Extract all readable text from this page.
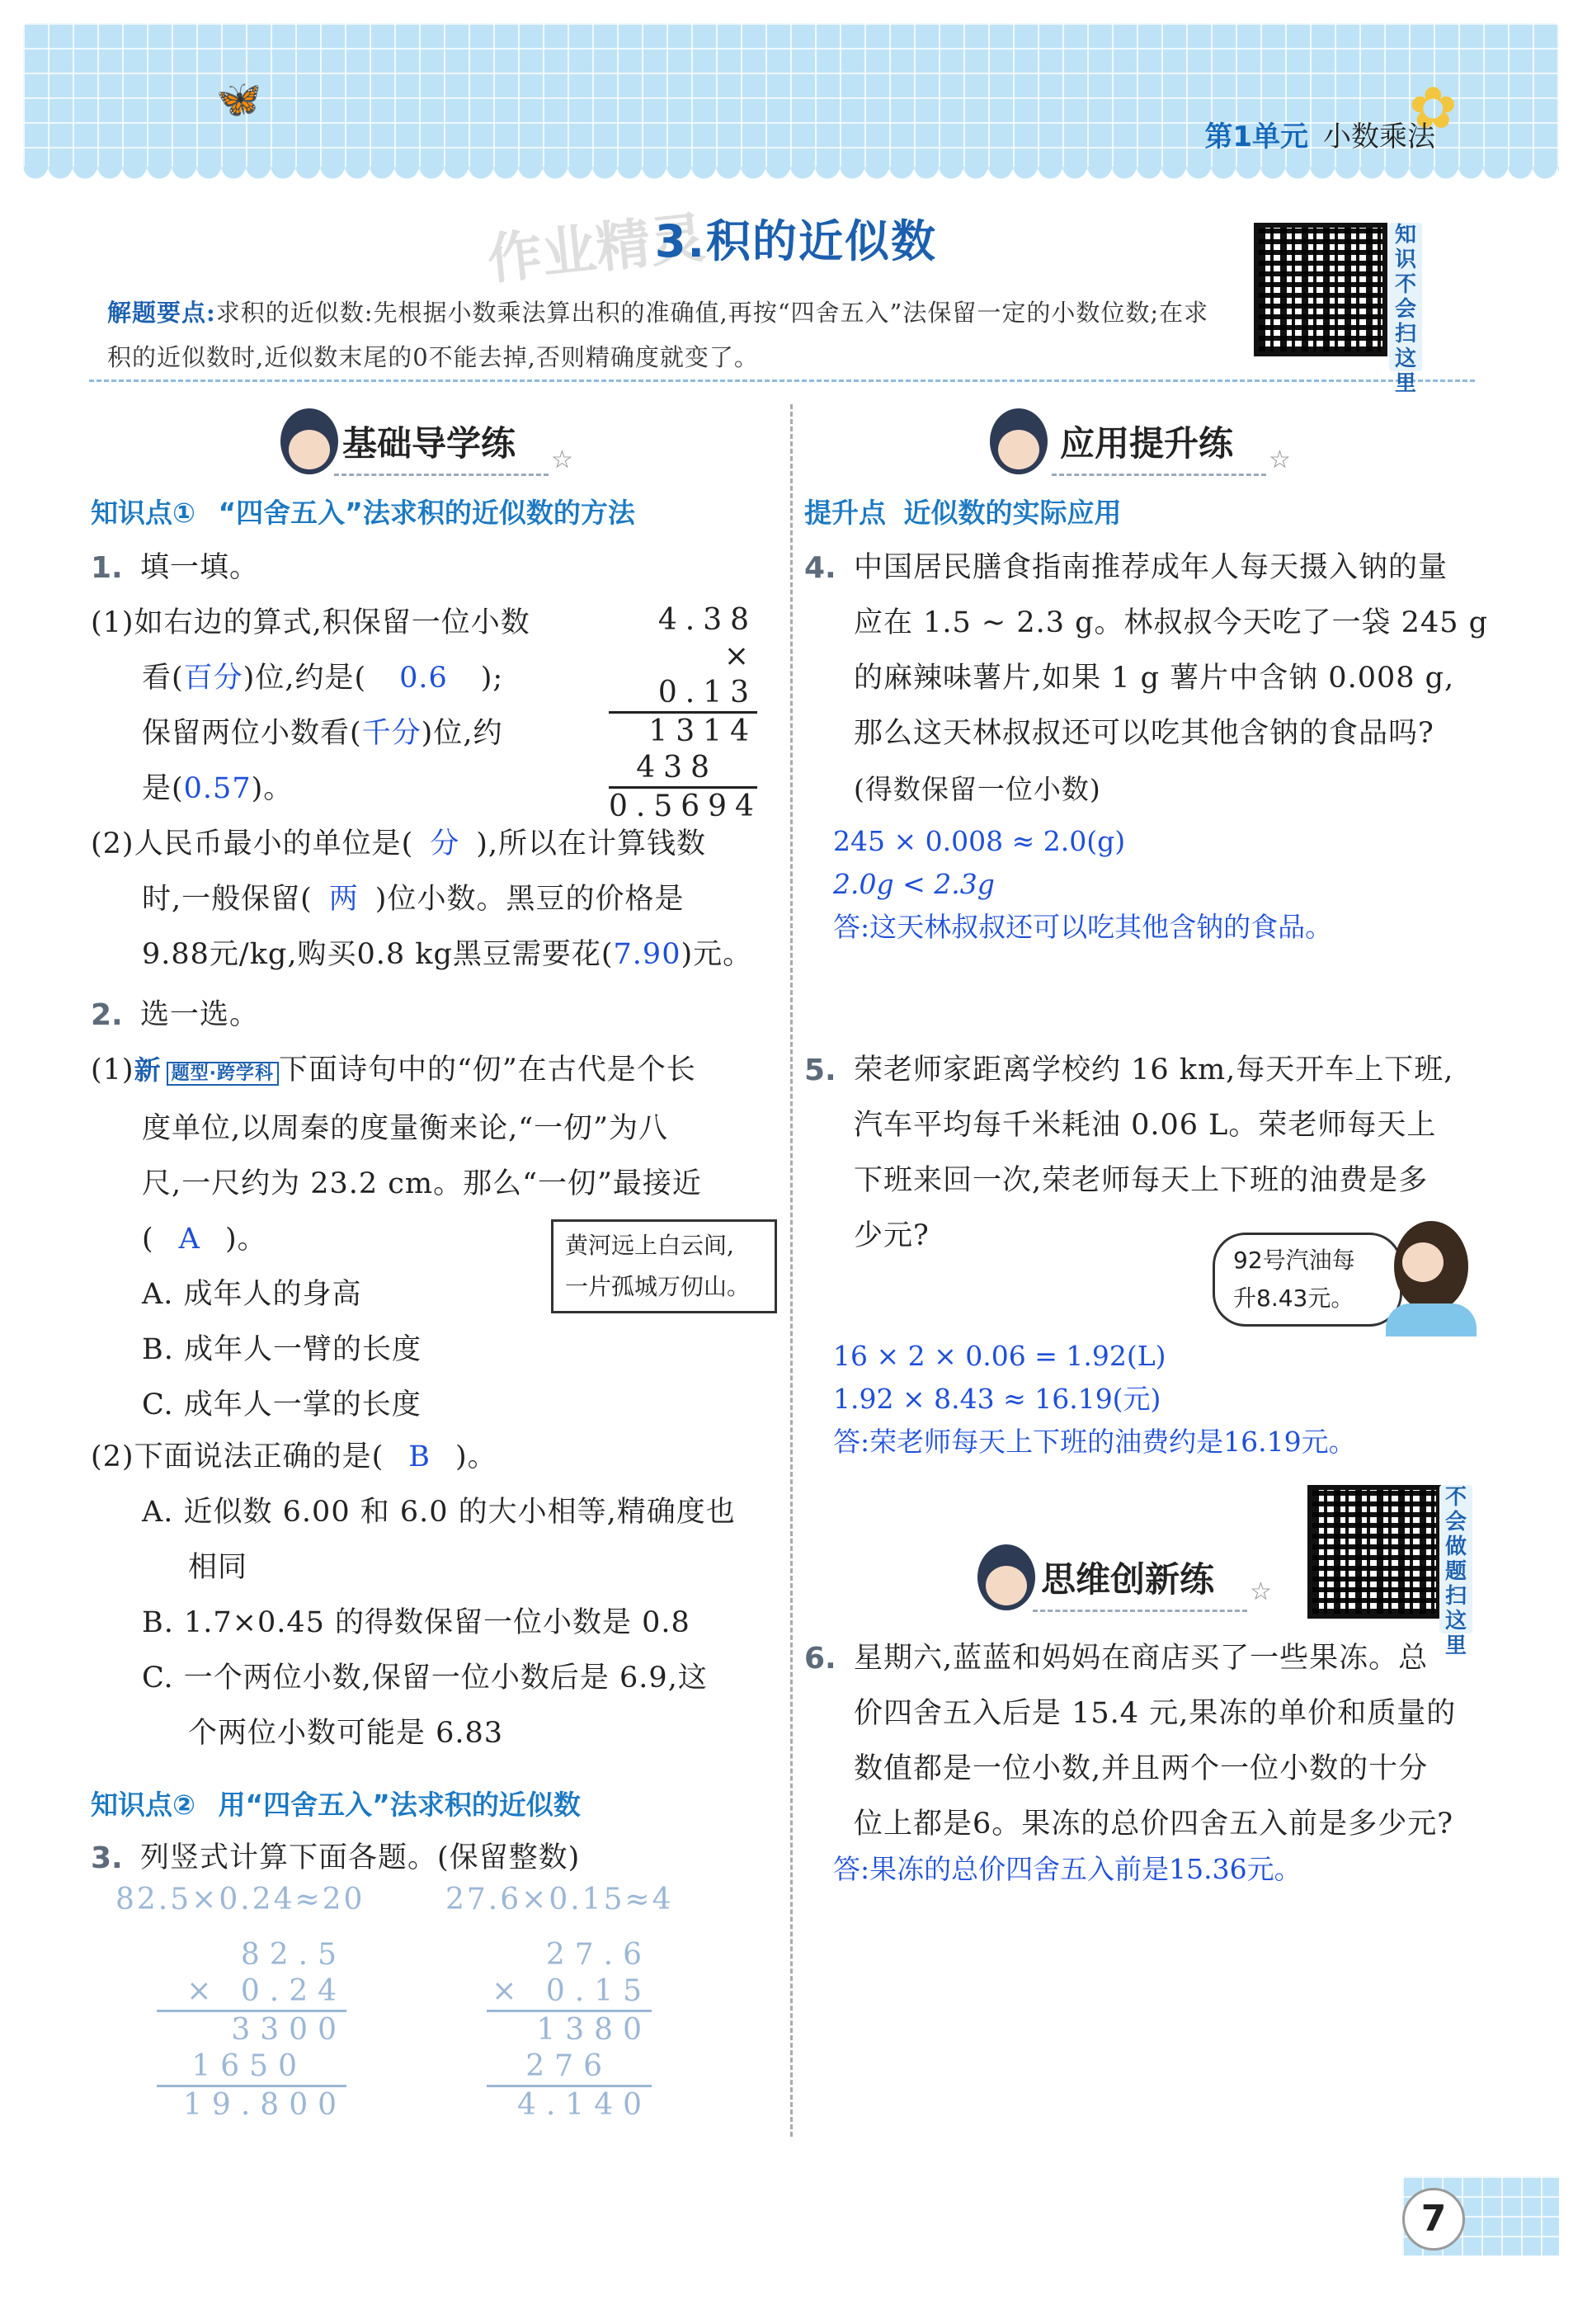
🦋	✿
第1单元 小数乘法
作业精灵
3.积的近似数
解题要点:求积的近似数:先根据小数乘法算出积的准确值,再按“四舍五入”法保留一定的小数位数;在求积的近似数时,近似数末尾的0不能去掉,否则精确度就变了。
知识不会扫这里
基础导学练 ☆
知识点① “四舍五入”法求积的近似数的方法
1. 填一填。
(1)如右边的算式,积保留一位小数
看(百分)位,约是( 0.6 );
保留两位小数看(千分)位,约
是(0.57)。
4.38
× 0.13
1314
438
0.5694
(2)人民币最小的单位是( 分 ),所以在计算钱数
时,一般保留( 两 )位小数。黑豆的价格是
9.88元/kg,购买0.8 kg黑豆需要花(7.90)元。
2. 选一选。
(1)新 题型·跨学科 下面诗句中的“仞”在古代是个长
度单位,以周秦的度量衡来论,“一仞”为八
尺,一尺约为 23.2 cm。那么“一仞”最接近
( A )。
A. 成年人的身高
B. 成年人一臂的长度
C. 成年人一掌的长度
黄河远上白云间,
一片孤城万仞山。
(2)下面说法正确的是( B )。
A. 近似数 6.00 和 6.0 的大小相等,精确度也
相同
B. 1.7×0.45 的得数保留一位小数是 0.8
C. 一个两位小数,保留一位小数后是 6.9,这
个两位小数可能是 6.83
知识点② 用“四舍五入”法求积的近似数
3. 列竖式计算下面各题。(保留整数)
82.5×0.24≈20	27.6×0.15≈4
82.5
× 0.24
3300
1650
19.800
27.6
× 0.15
1380
276
4.140
应用提升练 ☆
提升点 近似数的实际应用
4. 中国居民膳食指南推荐成年人每天摄入钠的量
应在 1.5 ~ 2.3 g。林叔叔今天吃了一袋 245 g
的麻辣味薯片,如果 1 g 薯片中含钠 0.008 g,
那么这天林叔叔还可以吃其他含钠的食品吗?
(得数保留一位小数)
245 × 0.008 ≈ 2.0(g)
2.0g < 2.3g
答:这天林叔叔还可以吃其他含钠的食品。
5. 荣老师家距离学校约 16 km,每天开车上下班,
汽车平均每千米耗油 0.06 L。荣老师每天上
下班来回一次,荣老师每天上下班的油费是多
少元?
92号汽油每
升8.43元。
16 × 2 × 0.06 = 1.92(L)
1.92 × 8.43 ≈ 16.19(元)
答:荣老师每天上下班的油费约是16.19元。
思维创新练 ☆
不会做题扫这里
6. 星期六,蓝蓝和妈妈在商店买了一些果冻。总
价四舍五入后是 15.4 元,果冻的单价和质量的
数值都是一位小数,并且两个一位小数的十分
位上都是6。果冻的总价四舍五入前是多少元?
答:果冻的总价四舍五入前是15.36元。
7
